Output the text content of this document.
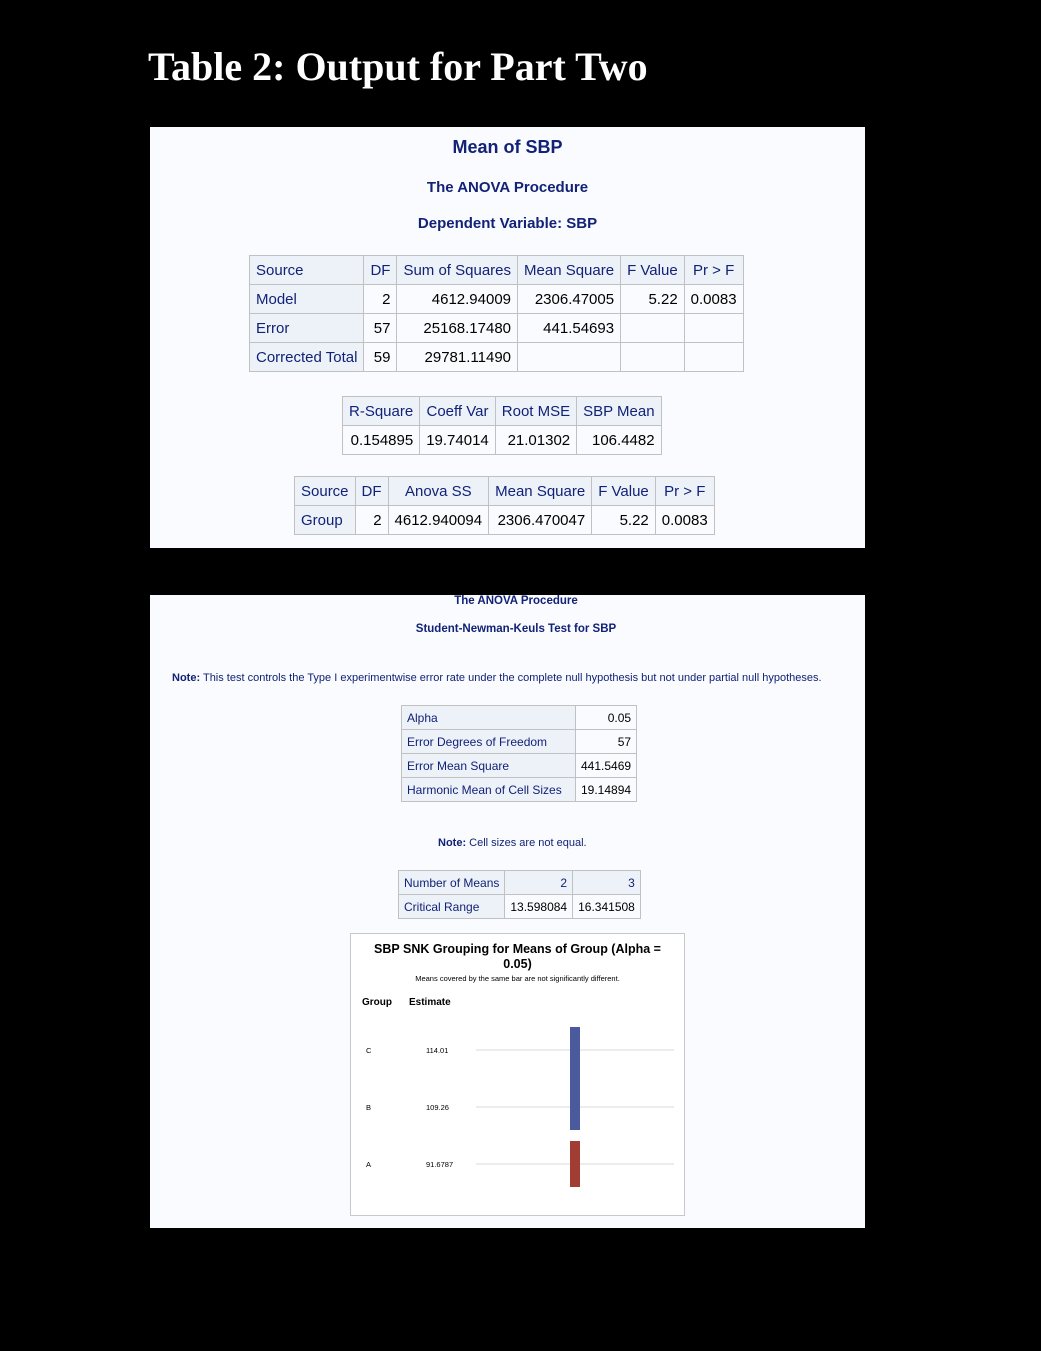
Table 2: Output for Part Two
Mean of SBP
The ANOVA Procedure
Dependent Variable: SBP
Source	DF	Sum of Squares	Mean Square	F Value	Pr > F
Model	2	4612.94009	2306.47005	5.22	0.0083
Error	57	25168.17480	441.54693		
Corrected Total	59	29781.11490			
R-Square	Coeff Var	Root MSE	SBP Mean
0.154895	19.74014	21.01302	106.4482
Source	DF	Anova SS	Mean Square	F Value	Pr > F
Group	2	4612.940094	2306.470047	5.22	0.0083
The ANOVA Procedure
Student-Newman-Keuls Test for SBP
Note: This test controls the Type I experimentwise error rate under the complete null hypothesis but not under partial null hypotheses.
Alpha	0.05
Error Degrees of Freedom	57
Error Mean Square	441.5469
Harmonic Mean of Cell Sizes	19.14894
Note: Cell sizes are not equal.
Number of Means	2	3
Critical Range	13.598084	16.341508
SBP SNK Grouping for Means of Group (Alpha = 0.05)
Means covered by the same bar are not significantly different.
Group Estimate
C	114.01
B	109.26
A	91.6787
